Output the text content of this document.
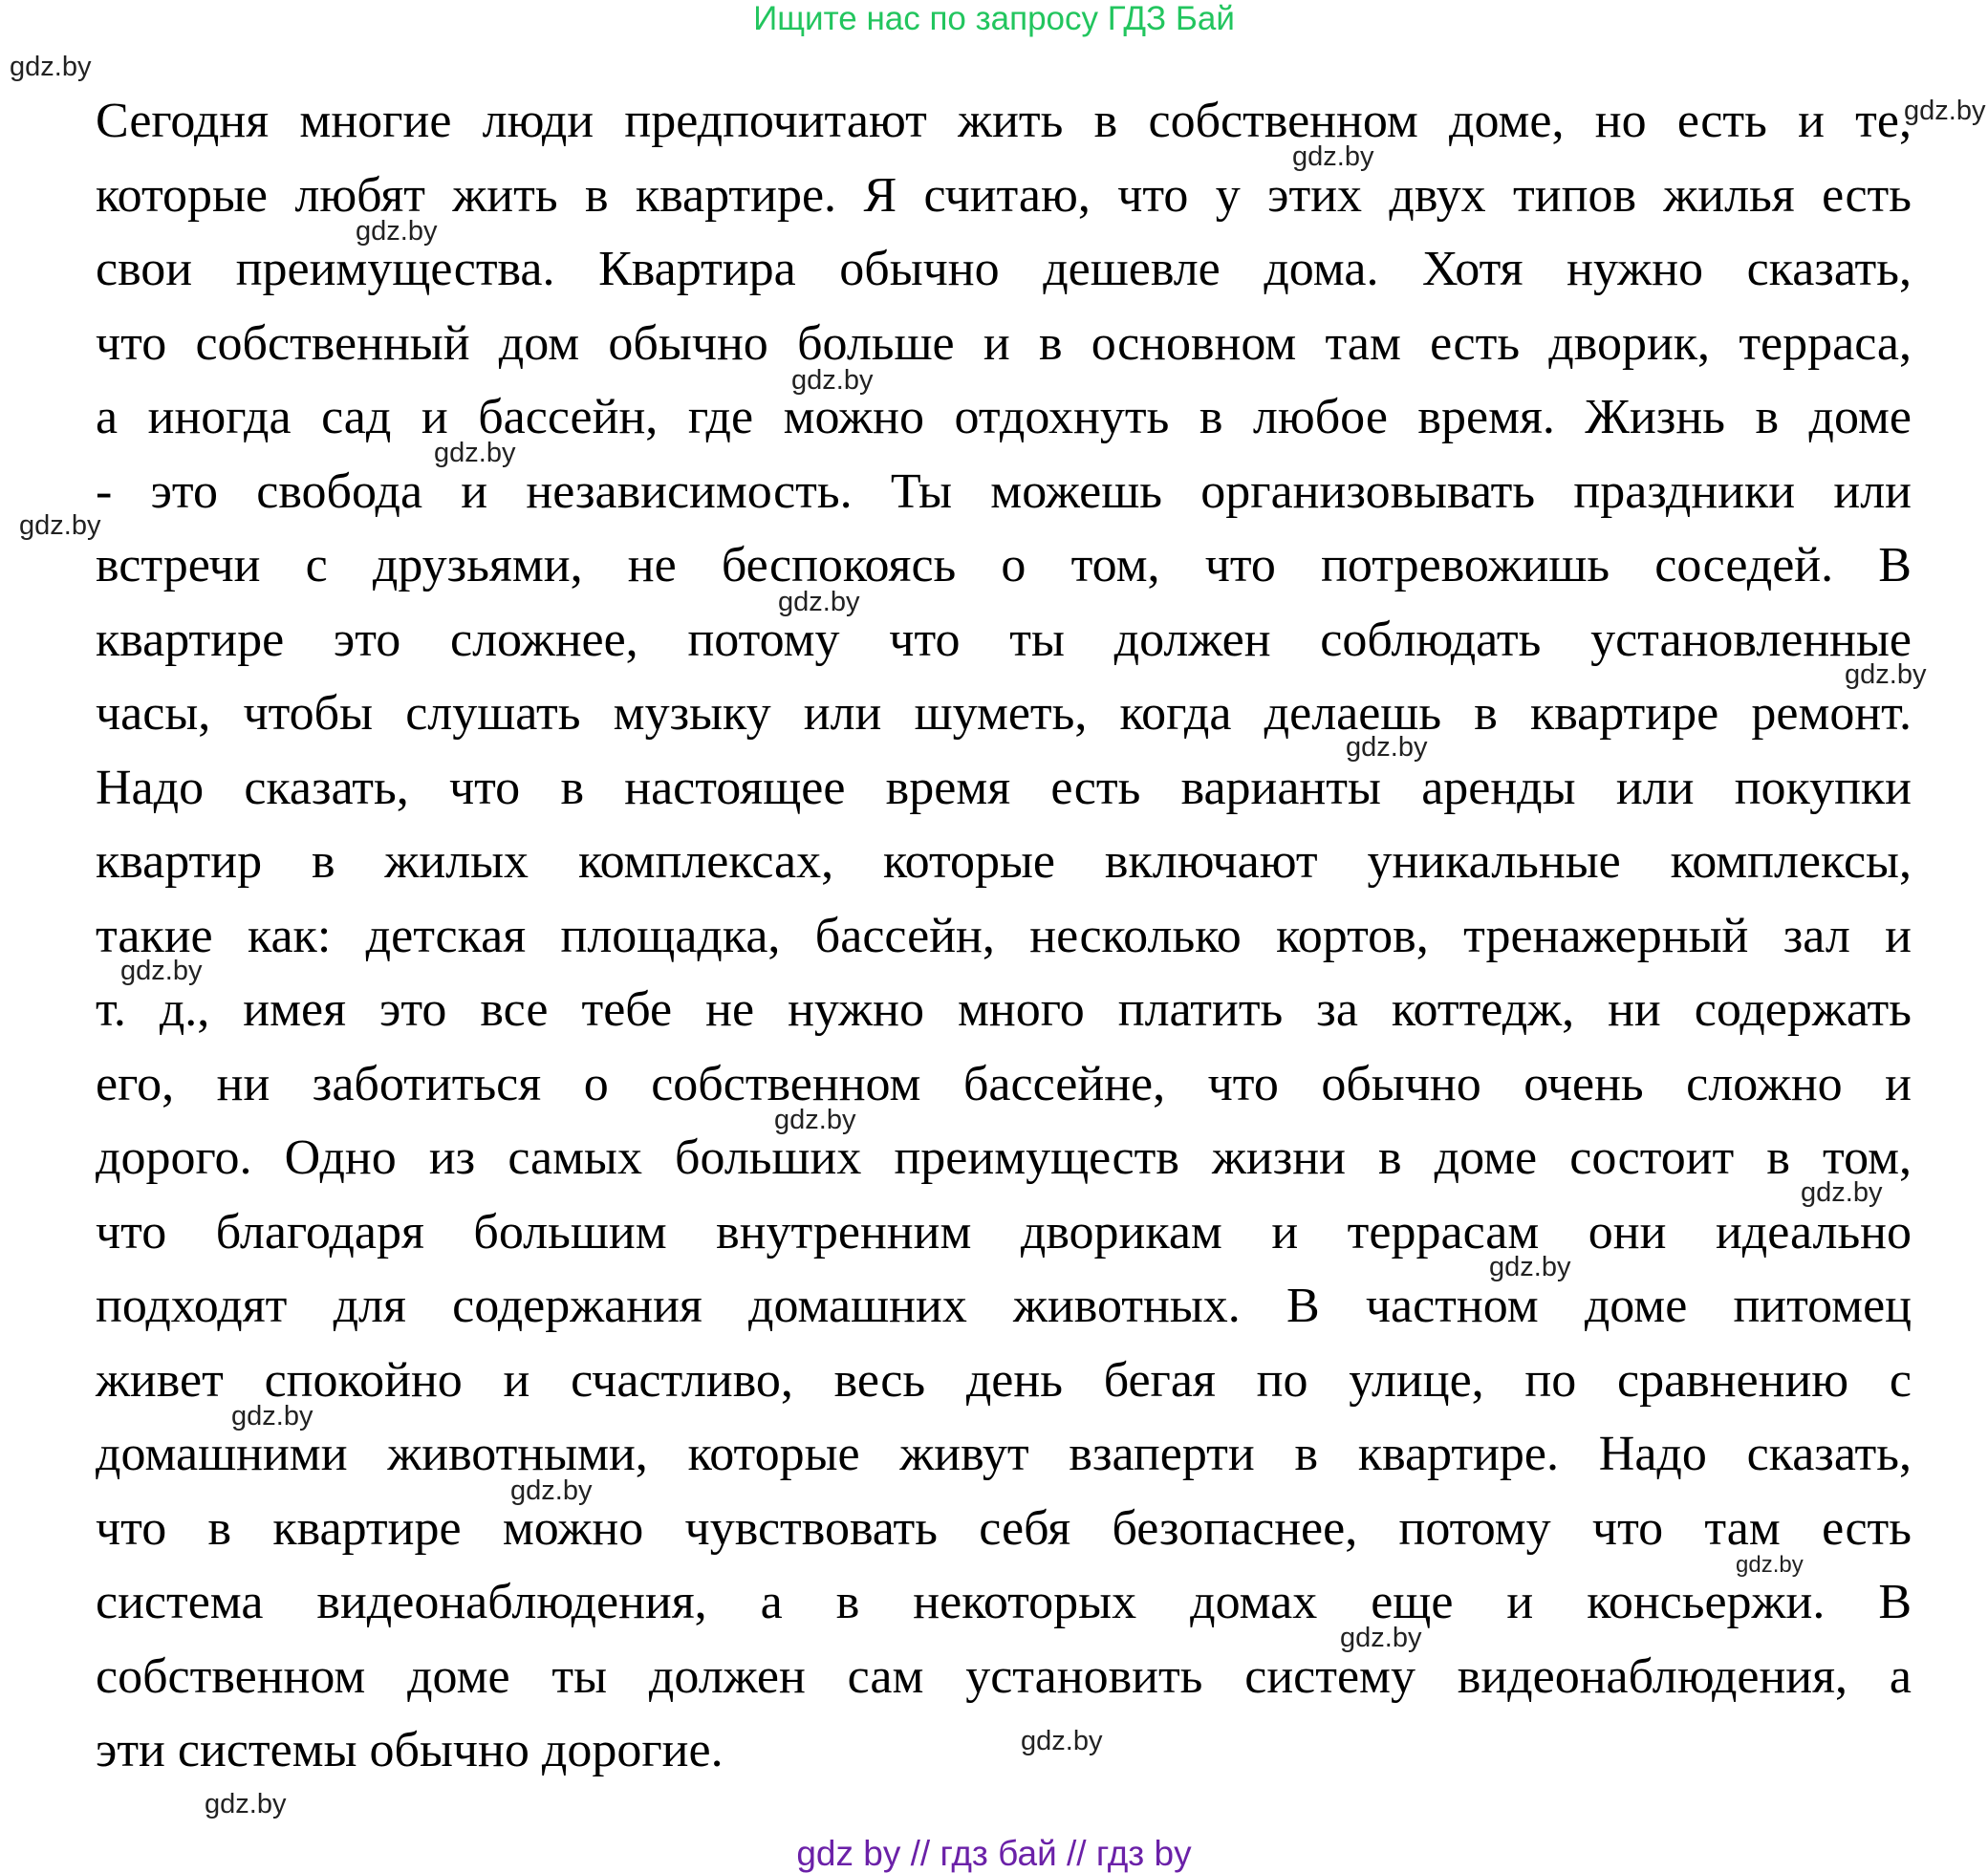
Ищите нас по запросу ГДЗ Бай
Сегодня многие люди предпочитают жить в собственном доме, но есть и те,
которые любят жить в квартире. Я считаю, что у этих двух типов жилья есть
свои преимущества. Квартира обычно дешевле дома. Хотя нужно сказать,
что собственный дом обычно больше и в основном там есть дворик, терраса,
а иногда сад и бассейн, где можно отдохнуть в любое время. Жизнь в доме
- это свобода и независимость. Ты можешь организовывать праздники или
встречи с друзьями, не беспокоясь о том, что потревожишь соседей. В
квартире это сложнее, потому что ты должен соблюдать установленные
часы, чтобы слушать музыку или шуметь, когда делаешь в квартире ремонт.
Надо сказать, что в настоящее время есть варианты аренды или покупки
квартир в жилых комплексах, которые включают уникальные комплексы,
такие как: детская площадка, бассейн, несколько кортов, тренажерный зал и
т. д., имея это все тебе не нужно много платить за коттедж, ни содержать
его, ни заботиться о собственном бассейне, что обычно очень сложно и
дорого. Одно из самых больших преимуществ жизни в доме состоит в том,
что благодаря большим внутренним дворикам и террасам они идеально
подходят для содержания домашних животных. В частном доме питомец
живет спокойно и счастливо, весь день бегая по улице, по сравнению с
домашними животными, которые живут взаперти в квартире. Надо сказать,
что в квартире можно чувствовать себя безопаснее, потому что там есть
система видеонаблюдения, а в некоторых домах еще и консьержи. В
собственном доме ты должен сам установить систему видеонаблюдения, а
эти системы обычно дорогие.
gdz.by
gdz.by
gdz.by
gdz.by
gdz.by
gdz.by
gdz.by
gdz.by
gdz.by
gdz.by
gdz.by
gdz.by
gdz.by
gdz.by
gdz.by
gdz.by
gdz.by
gdz.by
gdz.by
gdz.by
gdz by // гдз бай // гдз by
